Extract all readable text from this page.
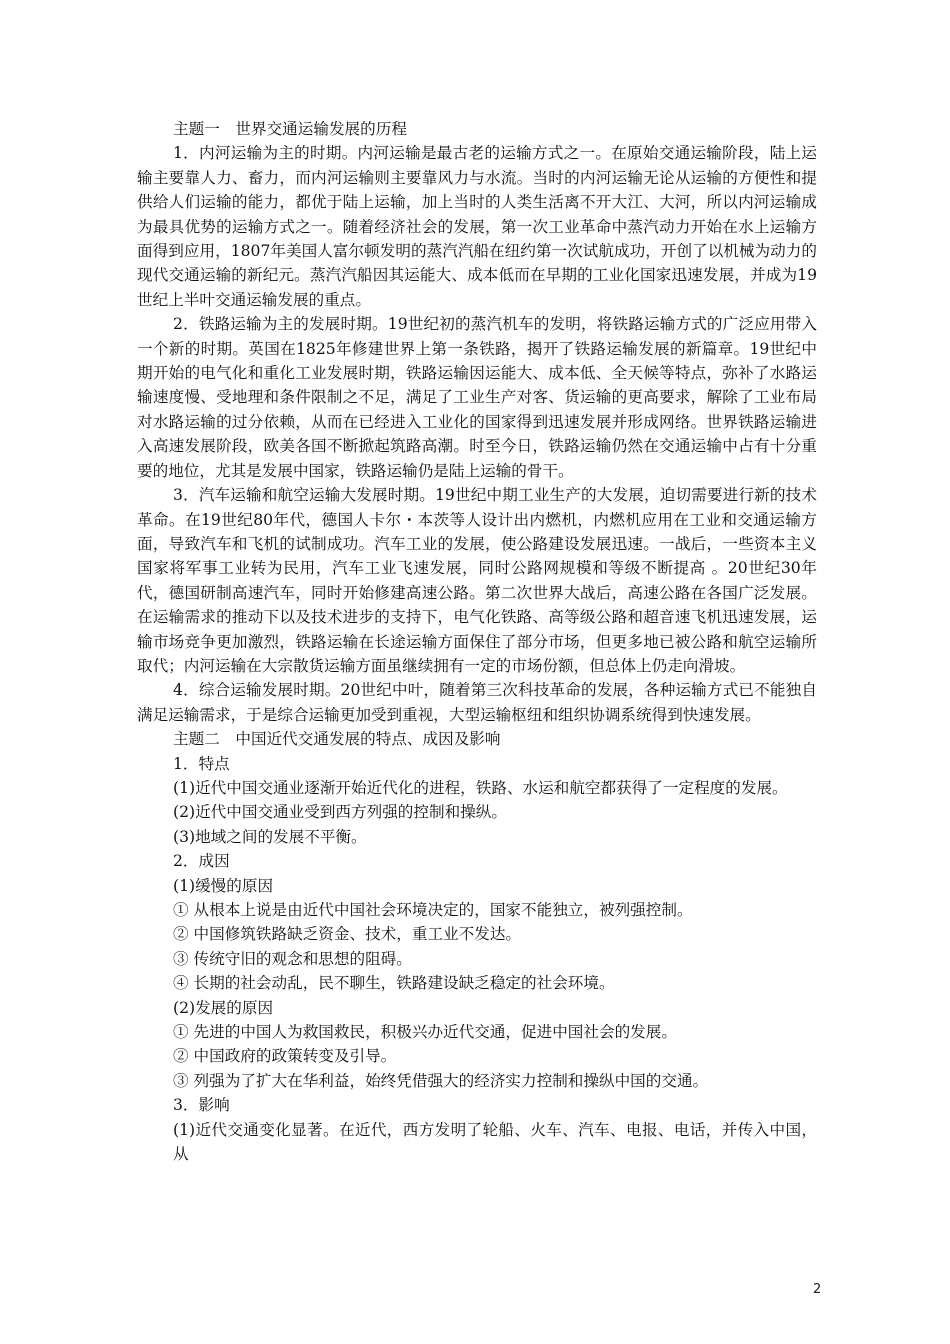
主题一　世界交通运输发展的历程

1．内河运输为主的时期。内河运输是最古老的运输方式之一。在原始交通运输阶段，陆上运输主要靠人力、畜力，而内河运输则主要靠风力与水流。当时的内河运输无论从运输的方便性和提供给人们运输的能力，都优于陆上运输，加上当时的人类生活离不开大江、大河，所以内河运输成为最具优势的运输方式之一。随着经济社会的发展，第一次工业革命中蒸汽动力开始在水上运输方面得到应用，1807年美国人富尔顿发明的蒸汽汽船在纽约第一次试航成功，开创了以机械为动力的现代交通运输的新纪元。蒸汽汽船因其运能大、成本低而在早期的工业化国家迅速发展，并成为19世纪上半叶交通运输发展的重点。

2．铁路运输为主的发展时期。19世纪初的蒸汽机车的发明，将铁路运输方式的广泛应用带入一个新的时期。英国在1825年修建世界上第一条铁路，揭开了铁路运输发展的新篇章。19世纪中期开始的电气化和重化工业发展时期，铁路运输因运能大、成本低、全天候等特点，弥补了水路运输速度慢、受地理和条件限制之不足，满足了工业生产对客、货运输的更高要求，解除了工业布局对水路运输的过分依赖，从而在已经进入工业化的国家得到迅速发展并形成网络。世界铁路运输进入高速发展阶段，欧美各国不断掀起筑路高潮。时至今日，铁路运输仍然在交通运输中占有十分重要的地位，尤其是发展中国家，铁路运输仍是陆上运输的骨干。

3．汽车运输和航空运输大发展时期。19世纪中期工业生产的大发展，迫切需要进行新的技术革命。在19世纪80年代，德国人卡尔・本茨等人设计出内燃机，内燃机应用在工业和交通运输方面，导致汽车和飞机的试制成功。汽车工业的发展，使公路建设发展迅速。一战后，一些资本主义国家将军事工业转为民用，汽车工业飞速发展，同时公路网规模和等级不断提高 。20世纪30年代，德国研制高速汽车，同时开始修建高速公路。第二次世界大战后，高速公路在各国广泛发展。在运输需求的推动下以及技术进步的支持下，电气化铁路、高等级公路和超音速飞机迅速发展，运输市场竞争更加激烈，铁路运输在长途运输方面保住了部分市场，但更多地已被公路和航空运输所取代；内河运输在大宗散货运输方面虽继续拥有一定的市场份额，但总体上仍走向滑坡。

4．综合运输发展时期。20世纪中叶，随着第三次科技革命的发展，各种运输方式已不能独自满足运输需求，于是综合运输更加受到重视，大型运输枢纽和组织协调系统得到快速发展。

主题二　中国近代交通发展的特点、成因及影响

1．特点

(1)近代中国交通业逐渐开始近代化的进程，铁路、水运和航空都获得了一定程度的发展。

(2)近代中国交通业受到西方列强的控制和操纵。

(3)地域之间的发展不平衡。

2．成因

(1)缓慢的原因

① 从根本上说是由近代中国社会环境决定的，国家不能独立，被列强控制。

② 中国修筑铁路缺乏资金、技术，重工业不发达。

③ 传统守旧的观念和思想的阻碍。

④ 长期的社会动乱，民不聊生，铁路建设缺乏稳定的社会环境。

(2)发展的原因

① 先进的中国人为救国救民，积极兴办近代交通，促进中国社会的发展。

② 中国政府的政策转变及引导。

③ 列强为了扩大在华利益，始终凭借强大的经济实力控制和操纵中国的交通。

3．影响

(1)近代交通变化显著。在近代，西方发明了轮船、火车、汽车、电报、电话，并传入中国，从

2
